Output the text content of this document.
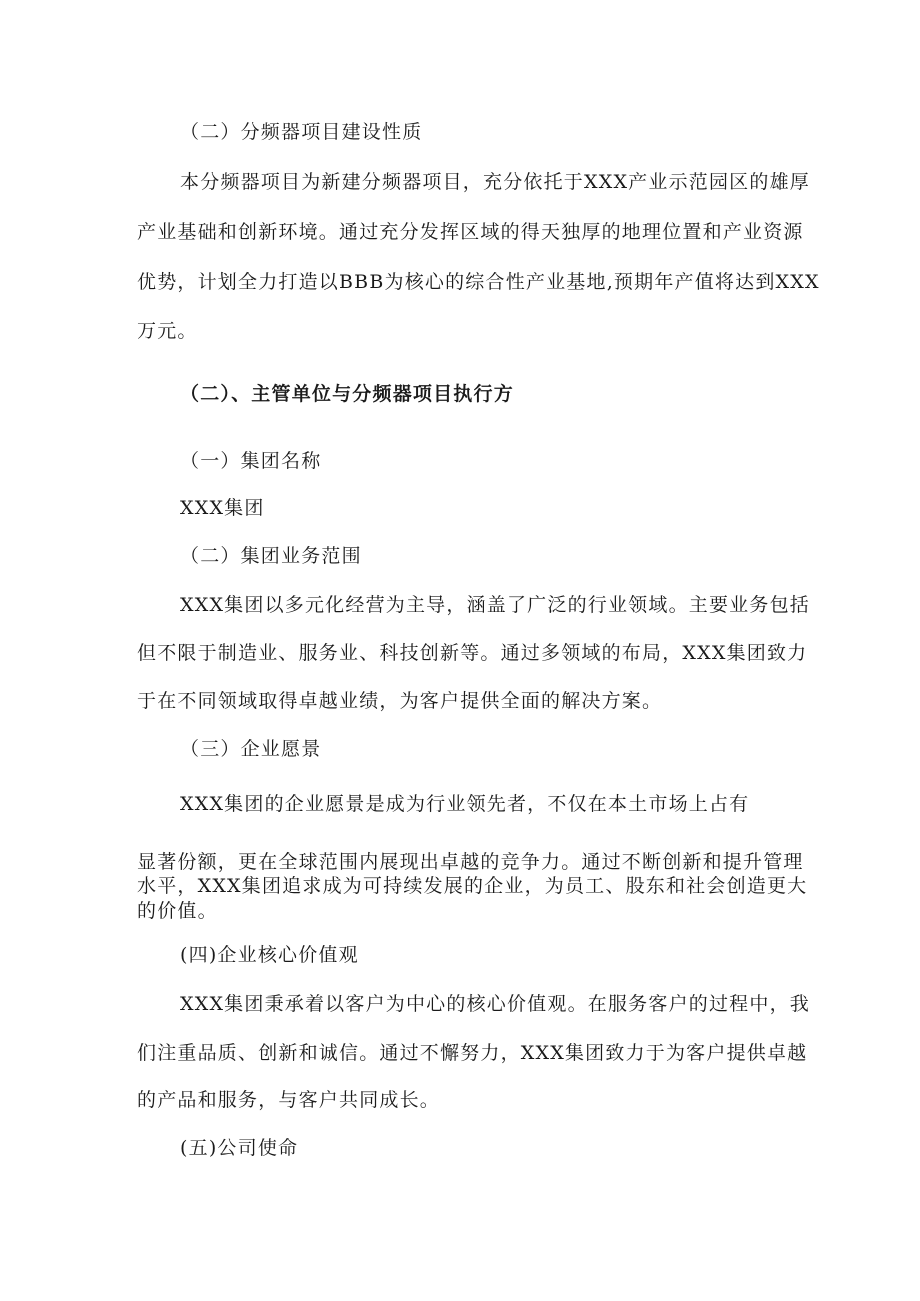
（二）分频器项目建设性质
本分频器项目为新建分频器项目，充分依托于XXX产业示范园区的雄厚
产业基础和创新环境。通过充分发挥区域的得天独厚的地理位置和产业资源
优势，计划全力打造以BBB为核心的综合性产业基地,预期年产值将达到XXX
万元。
（二）、主管单位与分频器项目执行方
（一）集团名称
XXX集团
（二）集团业务范围
XXX集团以多元化经营为主导，涵盖了广泛的行业领域。主要业务包括
但不限于制造业、服务业、科技创新等。通过多领域的布局，XXX集团致力
于在不同领域取得卓越业绩，为客户提供全面的解决方案。
（三）企业愿景
XXX集团的企业愿景是成为行业领先者，不仅在本土市场上占有
显著份额，更在全球范围内展现出卓越的竞争力。通过不断创新和提升管理
水平，XXX集团追求成为可持续发展的企业，为员工、股东和社会创造更大
的价值。
(四)企业核心价值观
XXX集团秉承着以客户为中心的核心价值观。在服务客户的过程中，我
们注重品质、创新和诚信。通过不懈努力，XXX集团致力于为客户提供卓越
的产品和服务，与客户共同成长。
(五)公司使命
